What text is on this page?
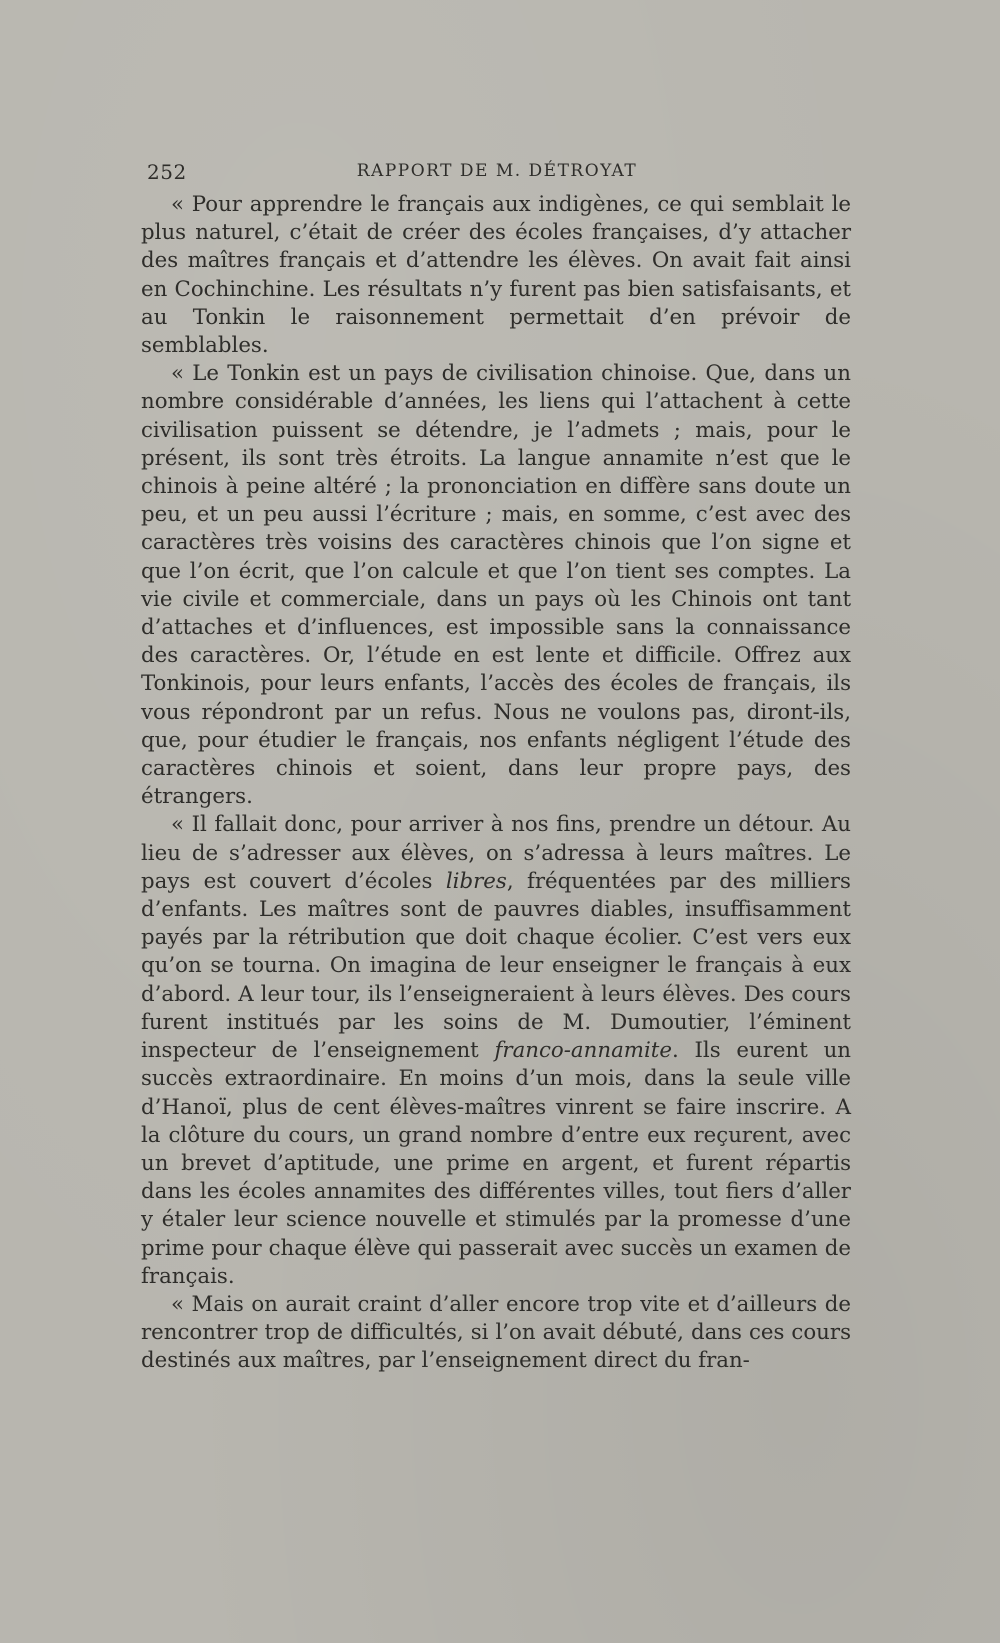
252	RAPPORT DE M. DÉTROYAT

« Pour apprendre le français aux indigènes, ce qui semblait le plus naturel, c’était de créer des écoles françaises, d’y attacher des maîtres français et d’attendre les élèves. On avait fait ainsi en Cochinchine. Les résultats n’y furent pas bien satisfaisants, et au Tonkin le raisonnement permettait d’en prévoir de semblables.

« Le Tonkin est un pays de civilisation chinoise. Que, dans un nombre considérable d’années, les liens qui l’attachent à cette civilisation puissent se détendre, je l’admets ; mais, pour le présent, ils sont très étroits. La langue annamite n’est que le chinois à peine altéré ; la prononciation en diffère sans doute un peu, et un peu aussi l’écriture ; mais, en somme, c’est avec des caractères très voisins des caractères chinois que l’on signe et que l’on écrit, que l’on calcule et que l’on tient ses comptes. La vie civile et commerciale, dans un pays où les Chinois ont tant d’attaches et d’influences, est impossible sans la connaissance des caractères. Or, l’étude en est lente et difficile. Offrez aux Tonkinois, pour leurs enfants, l’accès des écoles de français, ils vous répondront par un refus. Nous ne voulons pas, diront-ils, que, pour étudier le français, nos enfants négligent l’étude des caractères chinois et soient, dans leur propre pays, des étrangers.

« Il fallait donc, pour arriver à nos fins, prendre un détour. Au lieu de s’adresser aux élèves, on s’adressa à leurs maîtres. Le pays est couvert d’écoles libres, fréquentées par des milliers d’enfants. Les maîtres sont de pauvres diables, insuffisamment payés par la rétribution que doit chaque écolier. C’est vers eux qu’on se tourna. On imagina de leur enseigner le français à eux d’abord. A leur tour, ils l’enseigneraient à leurs élèves. Des cours furent institués par les soins de M. Dumoutier, l’éminent inspecteur de l’enseignement franco-annamite. Ils eurent un succès extraordinaire. En moins d’un mois, dans la seule ville d’Hanoï, plus de cent élèves-maîtres vinrent se faire inscrire. A la clôture du cours, un grand nombre d’entre eux reçurent, avec un brevet d’aptitude, une prime en argent, et furent répartis dans les écoles annamites des différentes villes, tout fiers d’aller y étaler leur science nouvelle et stimulés par la promesse d’une prime pour chaque élève qui passerait avec succès un examen de français.

« Mais on aurait craint d’aller encore trop vite et d’ailleurs de rencontrer trop de difficultés, si l’on avait débuté, dans ces cours destinés aux maîtres, par l’enseignement direct du fran-
